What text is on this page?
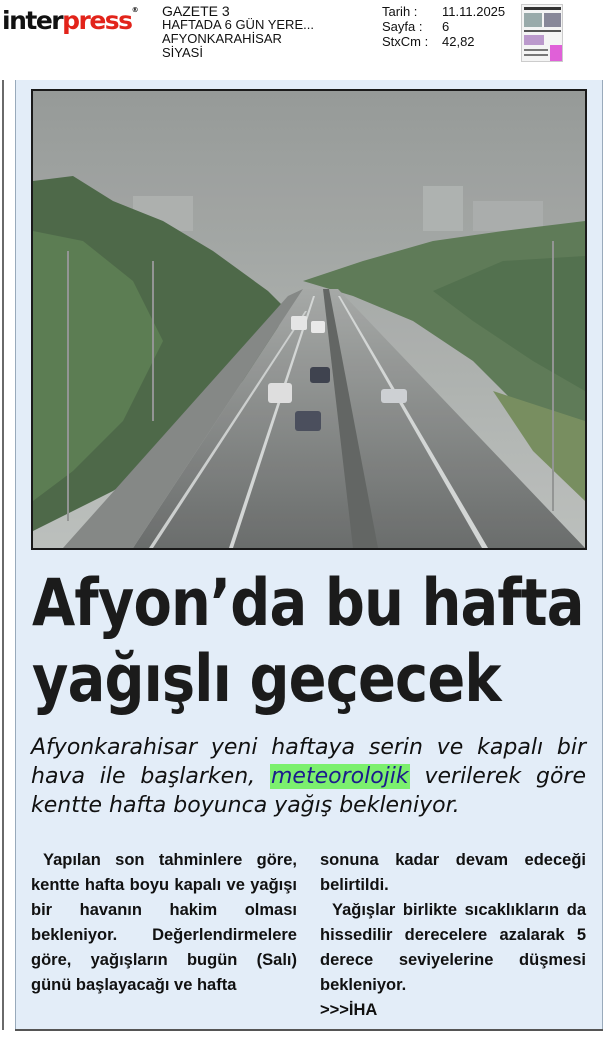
interpress® GAZETE 3
HAFTADA 6 GÜN YERE...
AFYONKARAHİSAR
SİYASİ
Tarih :	11.11.2025
Sayfa :	6
StxCm :	42,82
Afyon’da bu hafta
yağışlı geçecek

Afyonkarahisar yeni haftaya serin ve kapalı bir hava ile başlarken, meteorolojik verilerek göre kentte hafta boyunca yağış bekleniyor.

Yapılan son tahminlere göre, kentte hafta boyu kapalı ve yağışı bir havanın hakim olması bekleniyor. Değerlendirmelere göre, yağışların bugün (Salı) günü başlayacağı ve hafta

sonuna kadar devam edeceği belirtildi.

Yağışlar birlikte sıcaklıkların da hissedilir derecelere azalarak 5 derece seviyelerine düşmesi bekleniyor.

>>>İHA
